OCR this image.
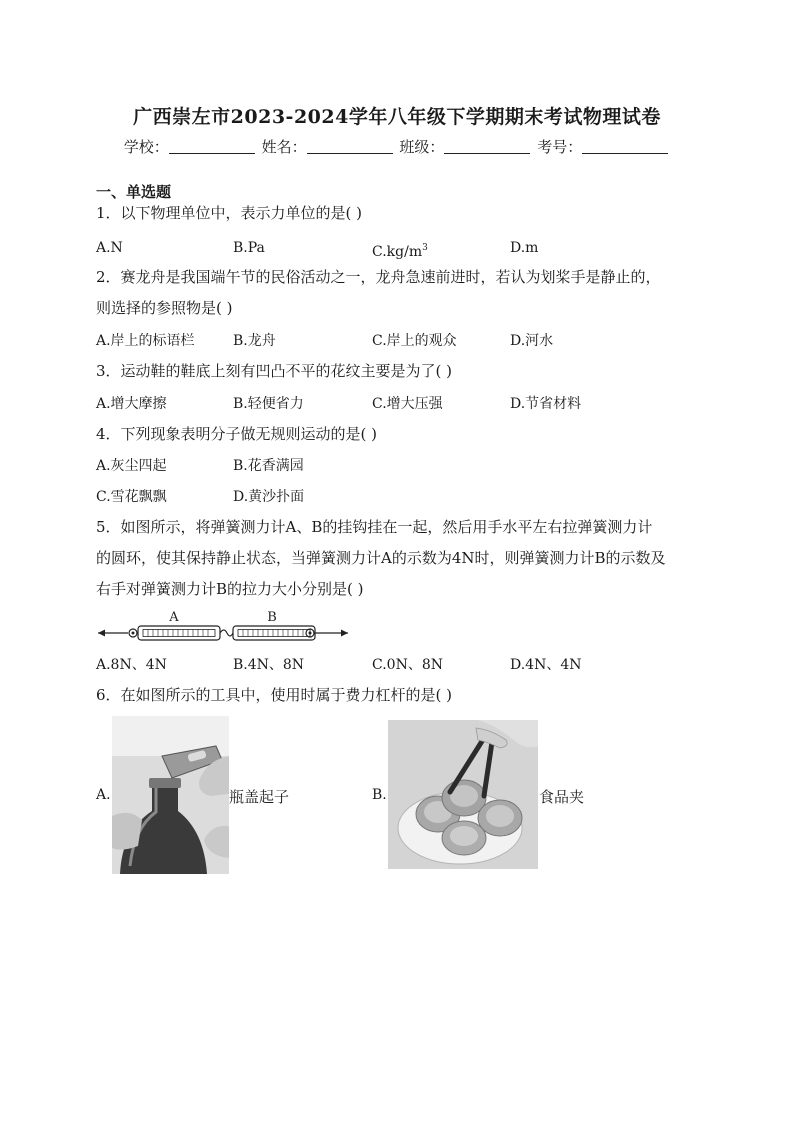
广西崇左市2023-2024学年八年级下学期期末考试物理试卷
学校：	姓名：	班级：	考号：
一、单选题
1．以下物理单位中，表示力单位的是( )
A.N	B.Pa	$C.kg/m^3$	D.m
2．赛龙舟是我国端午节的民俗活动之一，龙舟急速前进时，若认为划桨手是静止的，
则选择的参照物是( )
A.岸上的标语栏	B.龙舟	C.岸上的观众	D.河水
3．运动鞋的鞋底上刻有凹凸不平的花纹主要是为了( )
A.增大摩擦	B.轻便省力	C.增大压强	D.节省材料
4．下列现象表明分子做无规则运动的是( )
A.灰尘四起	B.花香满园
C.雪花飘飘	D.黄沙扑面
5．如图所示，将弹簧测力计A、B的挂钩挂在一起，然后用手水平左右拉弹簧测力计
的圆环，使其保持静止状态，当弹簧测力计A的示数为4N时，则弹簧测力计B的示数及
右手对弹簧测力计B的拉力大小分别是( )
A	B
A.8N、4N	B.4N、8N	C.0N、8N	D.4N、4N
6．在如图所示的工具中，使用时属于费力杠杆的是( )
A.	瓶盖起子	B.	食品夹
